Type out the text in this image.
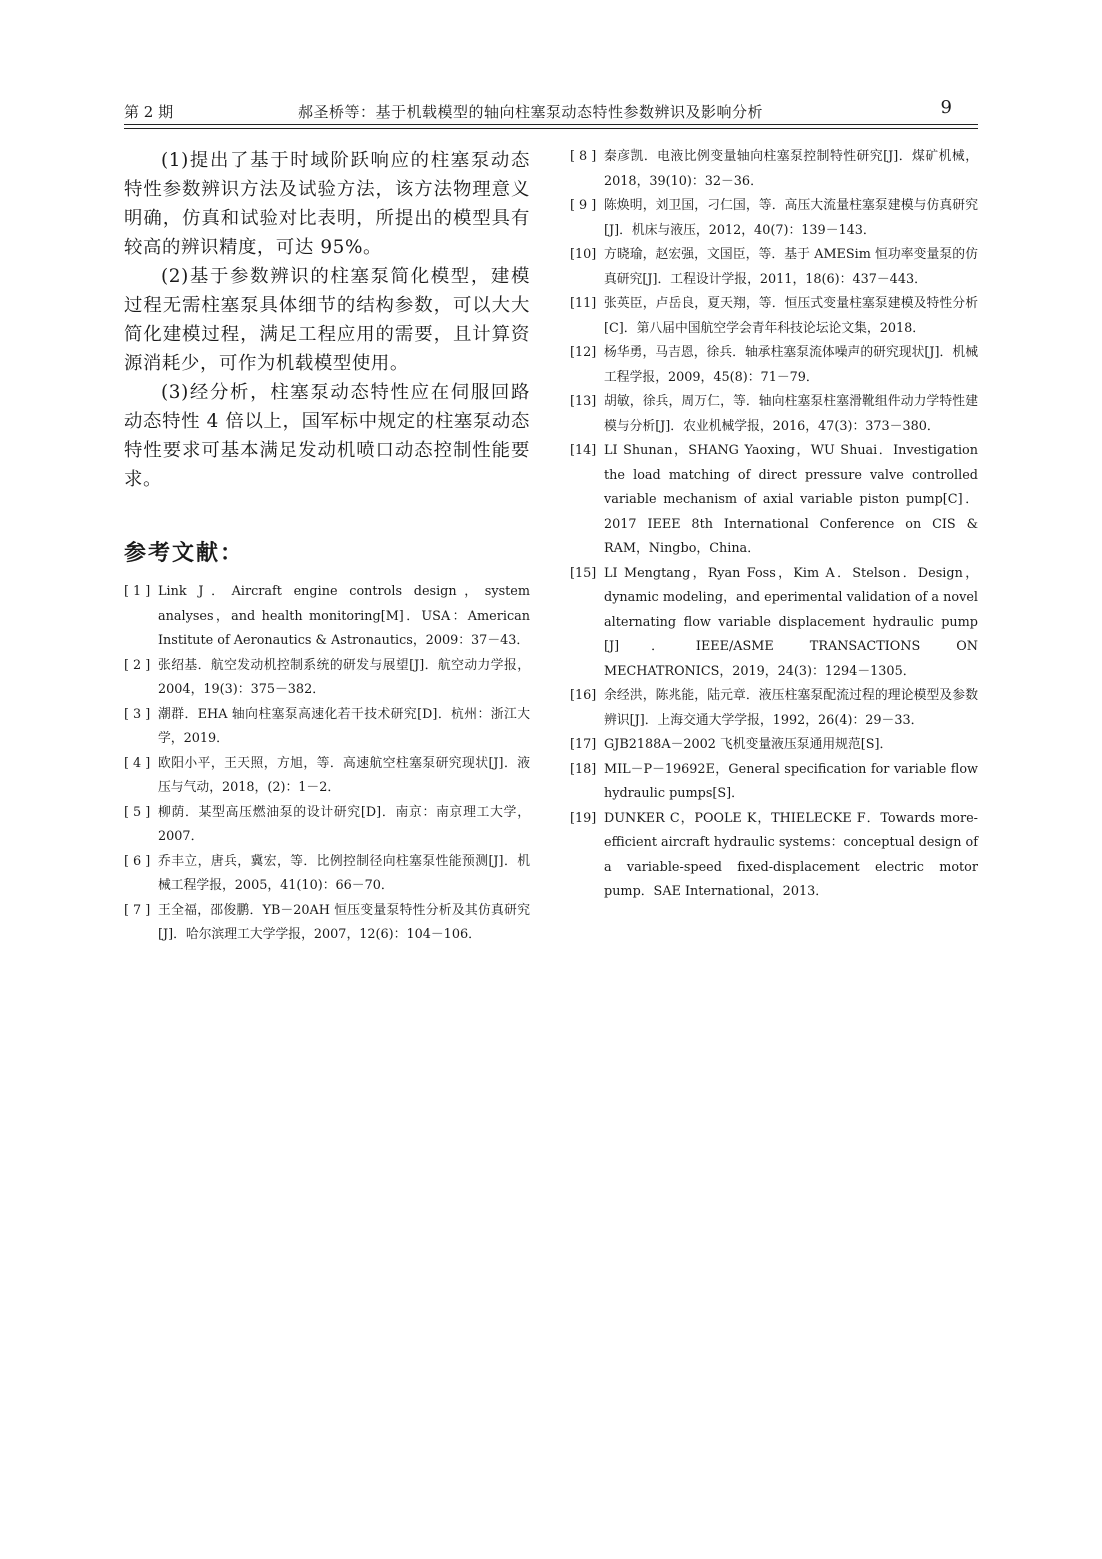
第 2 期	郝圣桥等：基于机载模型的轴向柱塞泵动态特性参数辨识及影响分析	9

(1)提出了基于时域阶跃响应的柱塞泵动态特性参数辨识方法及试验方法，该方法物理意义明确，仿真和试验对比表明，所提出的模型具有较高的辨识精度，可达 95%。

(2)基于参数辨识的柱塞泵简化模型，建模过程无需柱塞泵具体细节的结构参数，可以大大简化建模过程，满足工程应用的需要，且计算资源消耗少，可作为机载模型使用。

(3)经分析，柱塞泵动态特性应在伺服回路动态特性 4 倍以上，国军标中规定的柱塞泵动态特性要求可基本满足发动机喷口动态控制性能要求。

参考文献：
[ 1 ] Link J．Aircraft engine controls design，system analyses，and health monitoring[M]．USA：American Institute of Aeronautics & Astronautics，2009：37－43．
[ 2 ] 张绍基．航空发动机控制系统的研发与展望[J]．航空动力学报，2004，19(3)：375－382．
[ 3 ] 潮群．EHA 轴向柱塞泵高速化若干技术研究[D]．杭州：浙江大学，2019．
[ 4 ] 欧阳小平，王天照，方旭，等．高速航空柱塞泵研究现状[J]．液压与气动，2018，(2)：1－2．
[ 5 ] 柳荫．某型高压燃油泵的设计研究[D]．南京：南京理工大学，2007．
[ 6 ] 乔丰立，唐兵，冀宏，等．比例控制径向柱塞泵性能预测[J]．机械工程学报，2005，41(10)：66－70．
[ 7 ] 王全福，邵俊鹏．YB－20AH 恒压变量泵特性分析及其仿真研究[J]．哈尔滨理工大学学报，2007，12(6)：104－106．
[ 8 ] 秦彦凯．电液比例变量轴向柱塞泵控制特性研究[J]．煤矿机械，2018，39(10)：32－36．
[ 9 ] 陈焕明，刘卫国，刁仁国，等．高压大流量柱塞泵建模与仿真研究[J]．机床与液压，2012，40(7)：139－143．
[10] 方晓瑜，赵宏强，文国臣，等．基于 AMESim 恒功率变量泵的仿真研究[J]．工程设计学报，2011，18(6)：437－443．
[11] 张英臣，卢岳良，夏天翔，等．恒压式变量柱塞泵建模及特性分析[C]．第八届中国航空学会青年科技论坛论文集，2018．
[12] 杨华勇，马吉恩，徐兵．轴承柱塞泵流体噪声的研究现状[J]．机械工程学报，2009，45(8)：71－79．
[13] 胡敏，徐兵，周万仁，等．轴向柱塞泵柱塞滑靴组件动力学特性建模与分析[J]．农业机械学报，2016，47(3)：373－380．
[14] LI Shunan，SHANG Yaoxing，WU Shuai．Investigation the load matching of direct pressure valve controlled variable mechanism of axial variable piston pump[C]．2017 IEEE 8th International Conference on CIS & RAM，Ningbo，China．
[15] LI Mengtang，Ryan Foss，Kim A．Stelson．Design，dynamic modeling，and eperimental validation of a novel alternating flow variable displacement hydraulic pump [J]．IEEE/ASME TRANSACTIONS ON MECHATRONICS，2019，24(3)：1294－1305．
[16] 余经洪，陈兆能，陆元章．液压柱塞泵配流过程的理论模型及参数辨识[J]．上海交通大学学报，1992，26(4)：29－33．
[17] GJB2188A－2002 飞机变量液压泵通用规范[S]．
[18] MIL－P－19692E，General specification for variable flow hydraulic pumps[S]．
[19] DUNKER C，POOLE K，THIELECKE F．Towards more-efficient aircraft hydraulic systems：conceptual design of a variable-speed fixed-displacement electric motor pump．SAE International，2013．
